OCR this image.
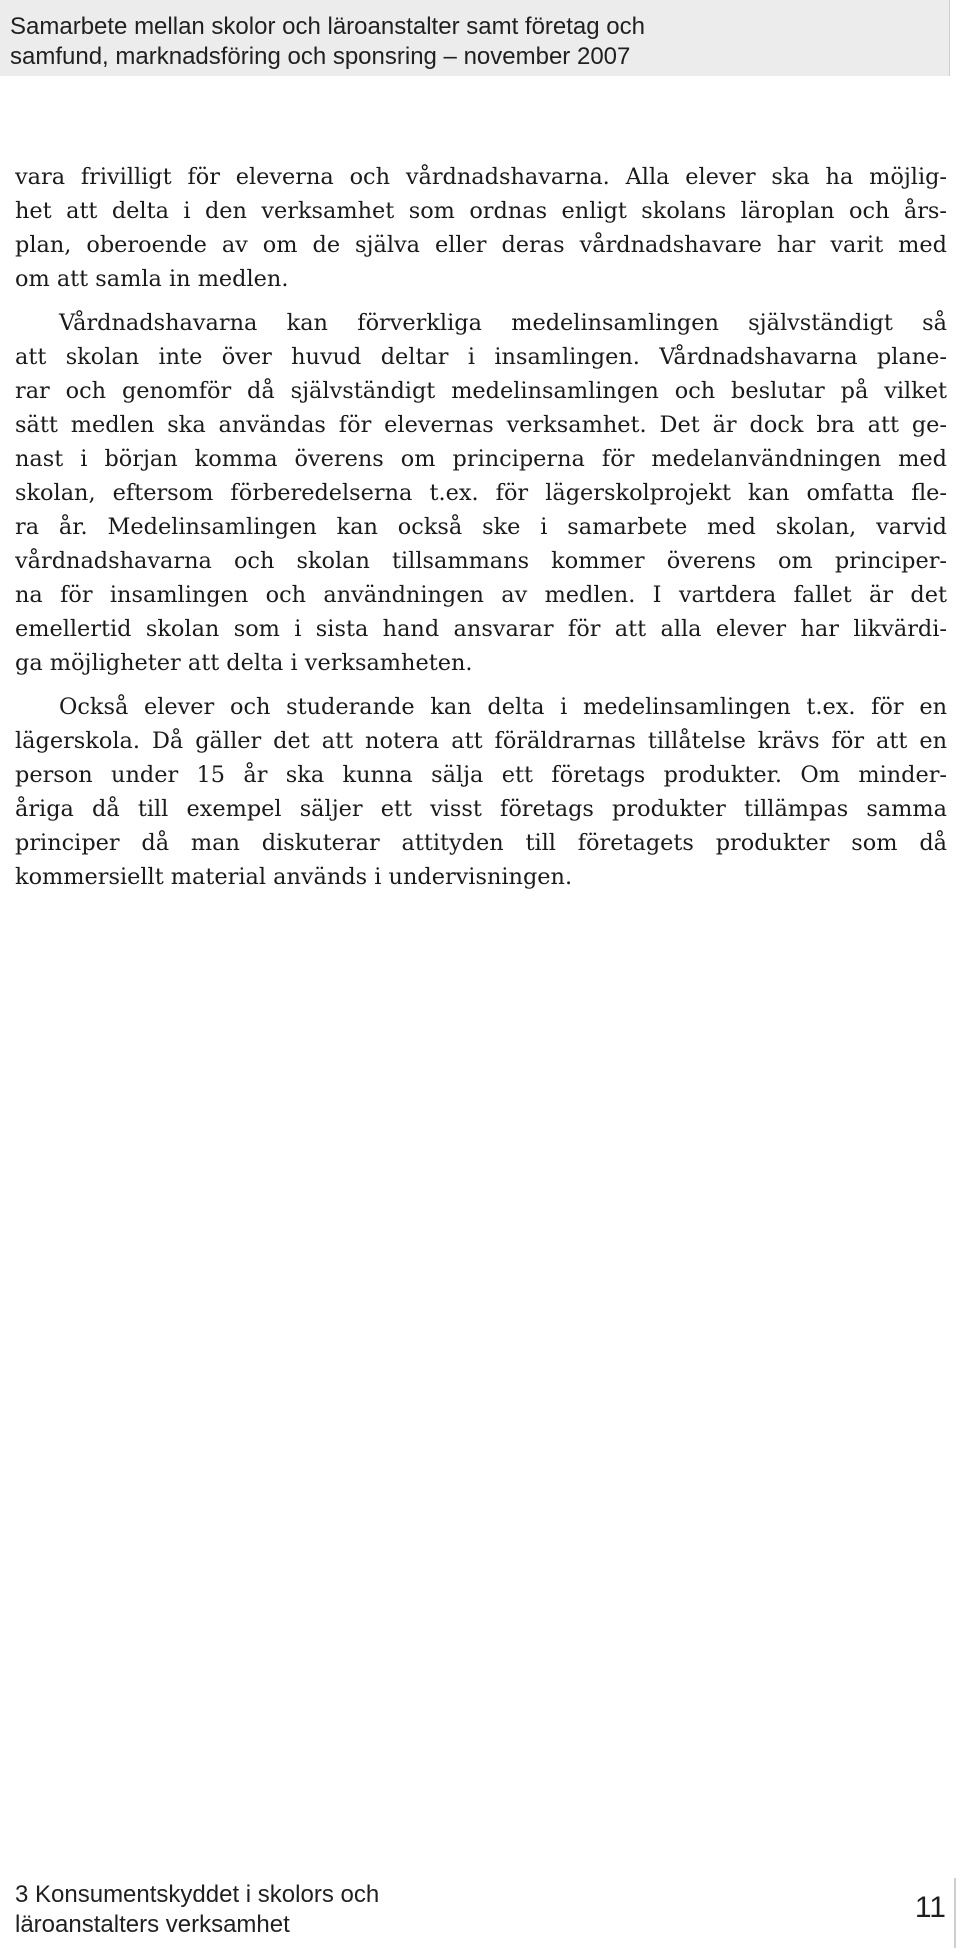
Samarbete mellan skolor och läroanstalter samt företag och
samfund, marknadsföring och sponsring – november 2007

vara frivilligt för eleverna och vårdnadshavarna. Alla elever ska ha möjlig-
het att delta i den verksamhet som ordnas enligt skolans läroplan och års-
plan, oberoende av om de själva eller deras vårdnadshavare har varit med
om att samla in medlen.

Vårdnadshavarna kan förverkliga medelinsamlingen självständigt så
att skolan inte över huvud deltar i insamlingen. Vårdnadshavarna plane-
rar och genomför då självständigt medelinsamlingen och beslutar på vilket
sätt medlen ska användas för elevernas verksamhet. Det är dock bra att ge-
nast i början komma överens om principerna för medelanvändningen med
skolan, eftersom förberedelserna t.ex. för lägerskolprojekt kan omfatta fle-
ra år. Medelinsamlingen kan också ske i samarbete med skolan, varvid
vårdnadshavarna och skolan tillsammans kommer överens om principer-
na för insamlingen och användningen av medlen. I vartdera fallet är det
emellertid skolan som i sista hand ansvarar för att alla elever har likvärdi-
ga möjligheter att delta i verksamheten.

Också elever och studerande kan delta i medelinsamlingen t.ex. för en
lägerskola. Då gäller det att notera att föräldrarnas tillåtelse krävs för att en
person under 15 år ska kunna sälja ett företags produkter. Om minder-
åriga då till exempel säljer ett visst företags produkter tillämpas samma
principer då man diskuterar attityden till företagets produkter som då
kommersiellt material används i undervisningen.

3 Konsumentskyddet i skolors och
läroanstalters verksamhet
11
